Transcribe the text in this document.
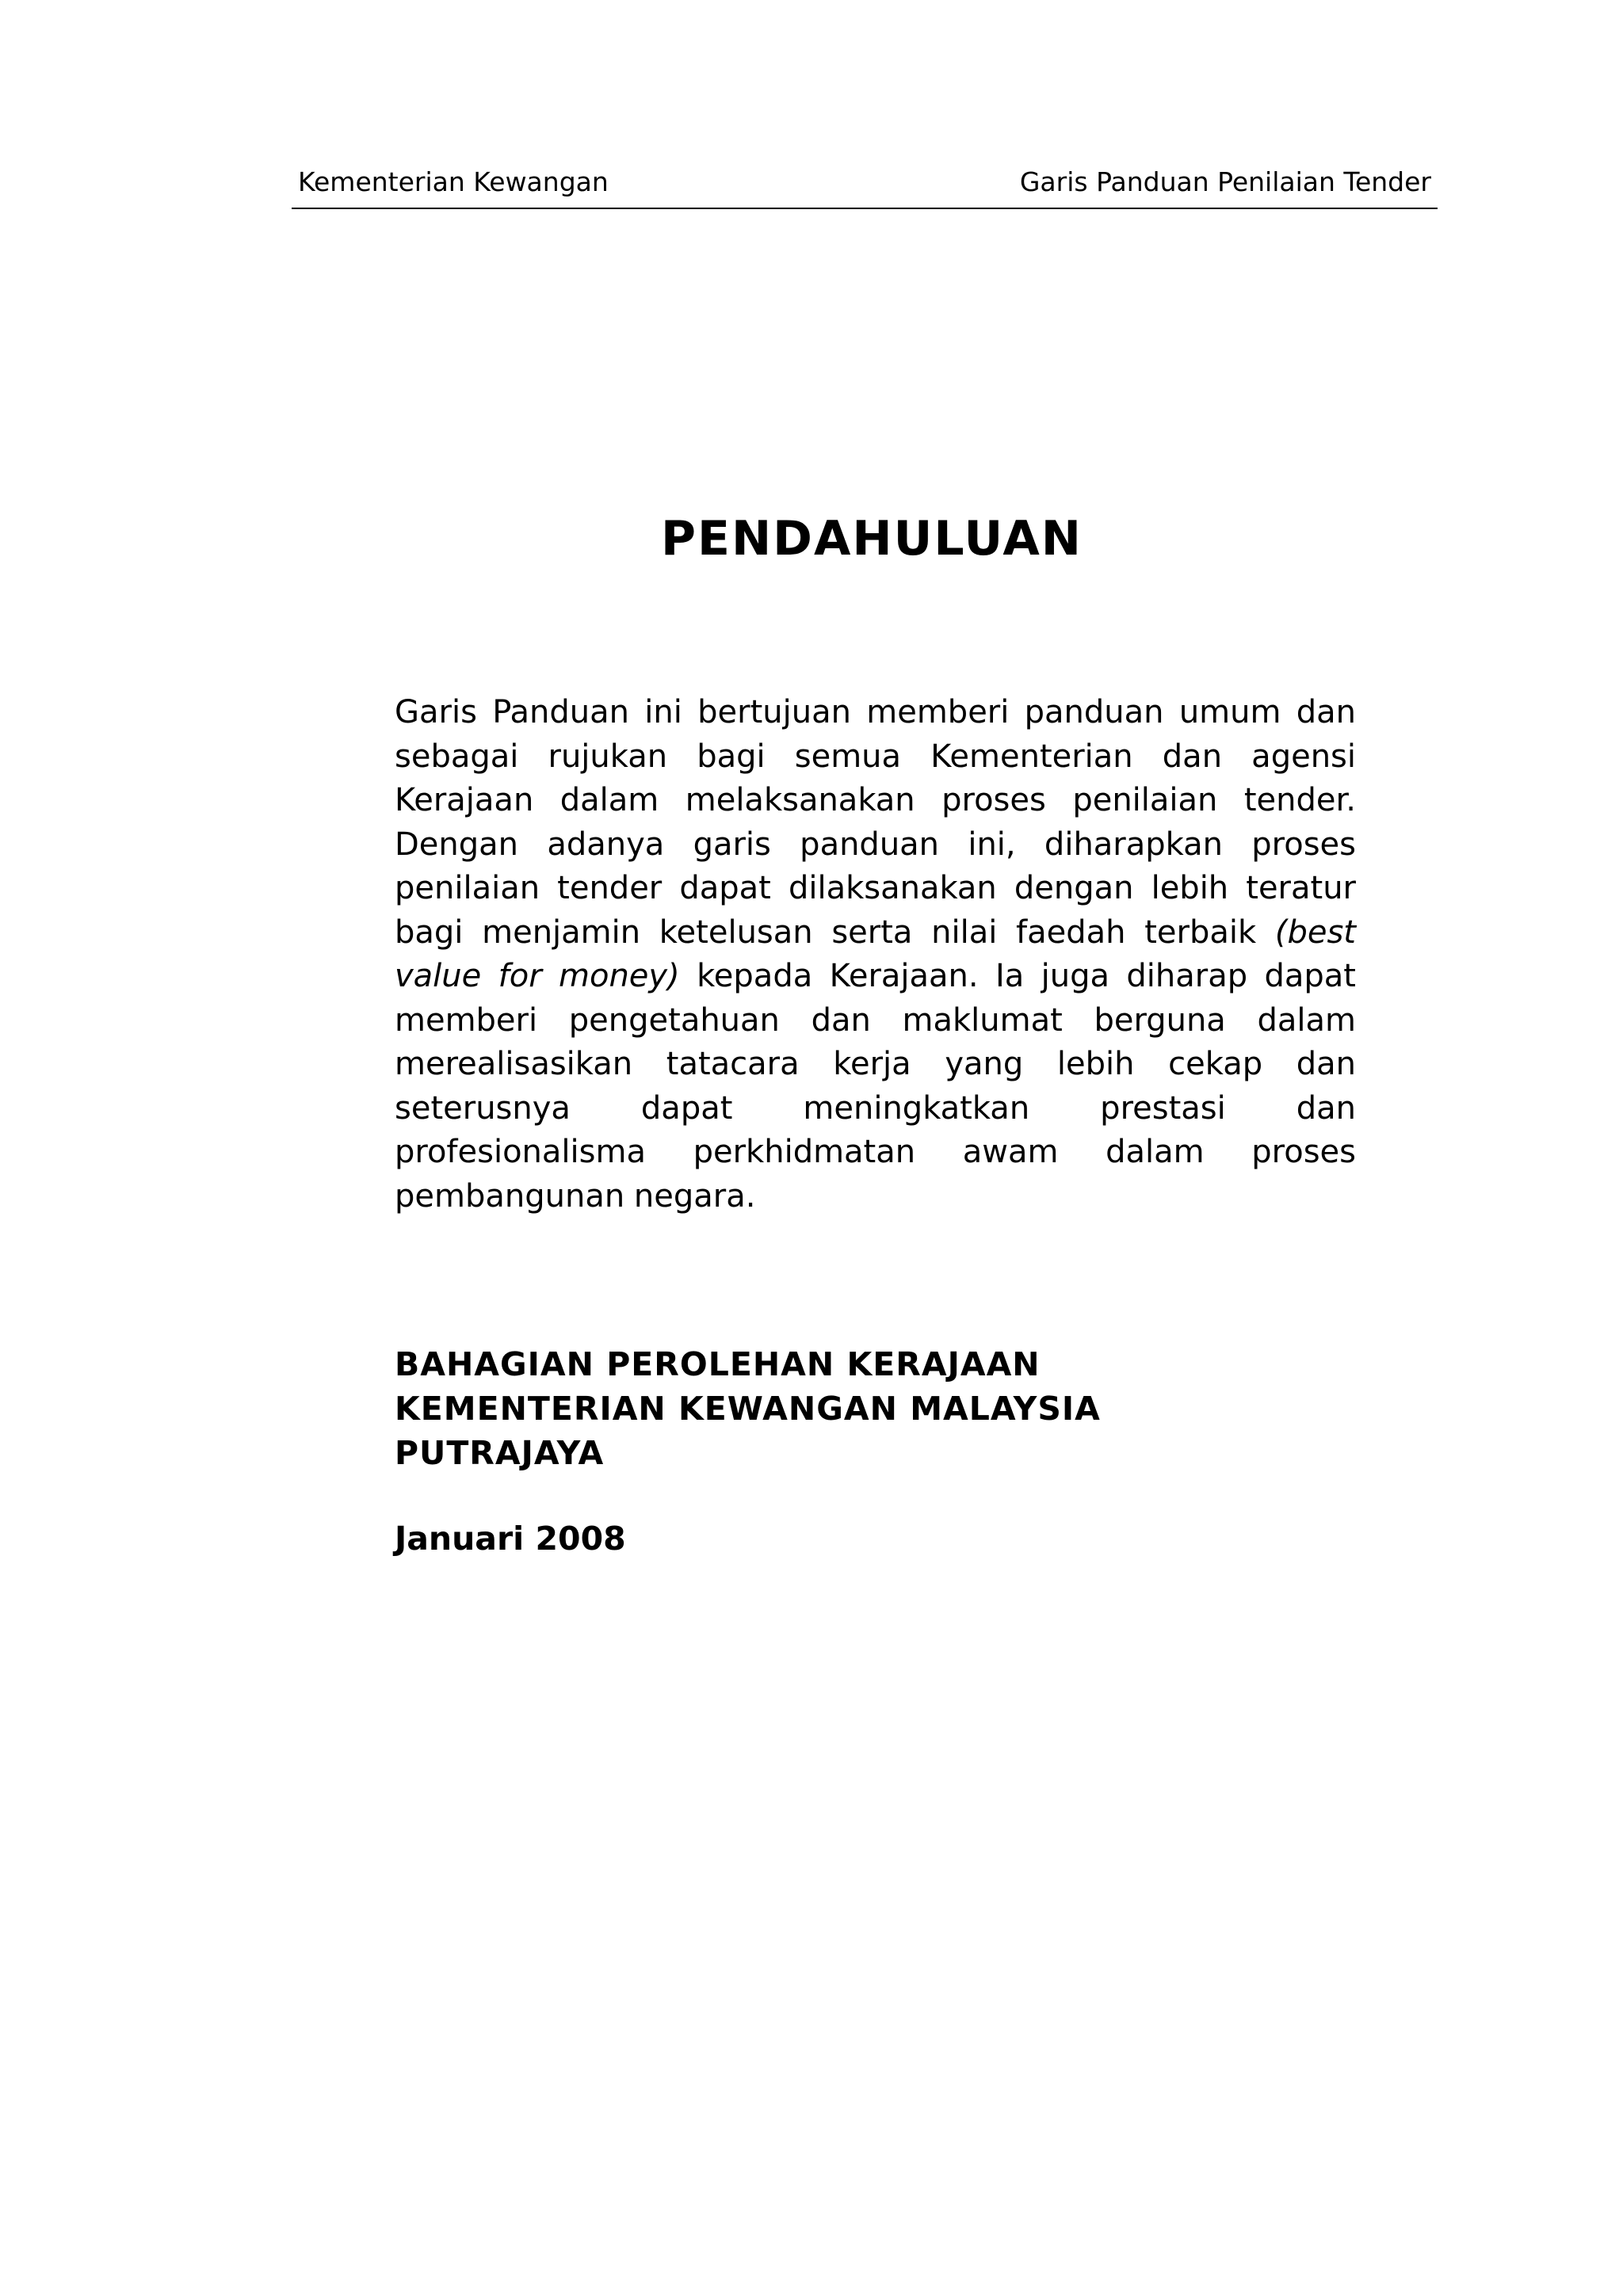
Kementerian Kewangan	Garis Panduan Penilaian Tender
PENDAHULUAN

Garis Panduan ini bertujuan memberi panduan umum dan sebagai rujukan bagi semua Kementerian dan agensi Kerajaan dalam melaksanakan proses penilaian tender. Dengan adanya garis panduan ini, diharapkan proses penilaian tender dapat dilaksanakan dengan lebih teratur bagi menjamin ketelusan serta nilai faedah terbaik (best value for money) kepada Kerajaan. Ia juga diharap dapat memberi pengetahuan dan maklumat berguna dalam merealisasikan tatacara kerja yang lebih cekap dan seterusnya dapat meningkatkan prestasi dan profesionalisma perkhidmatan awam dalam proses pembangunan negara.

BAHAGIAN PEROLEHAN KERAJAAN
KEMENTERIAN KEWANGAN MALAYSIA
PUTRAJAYA
Januari 2008
